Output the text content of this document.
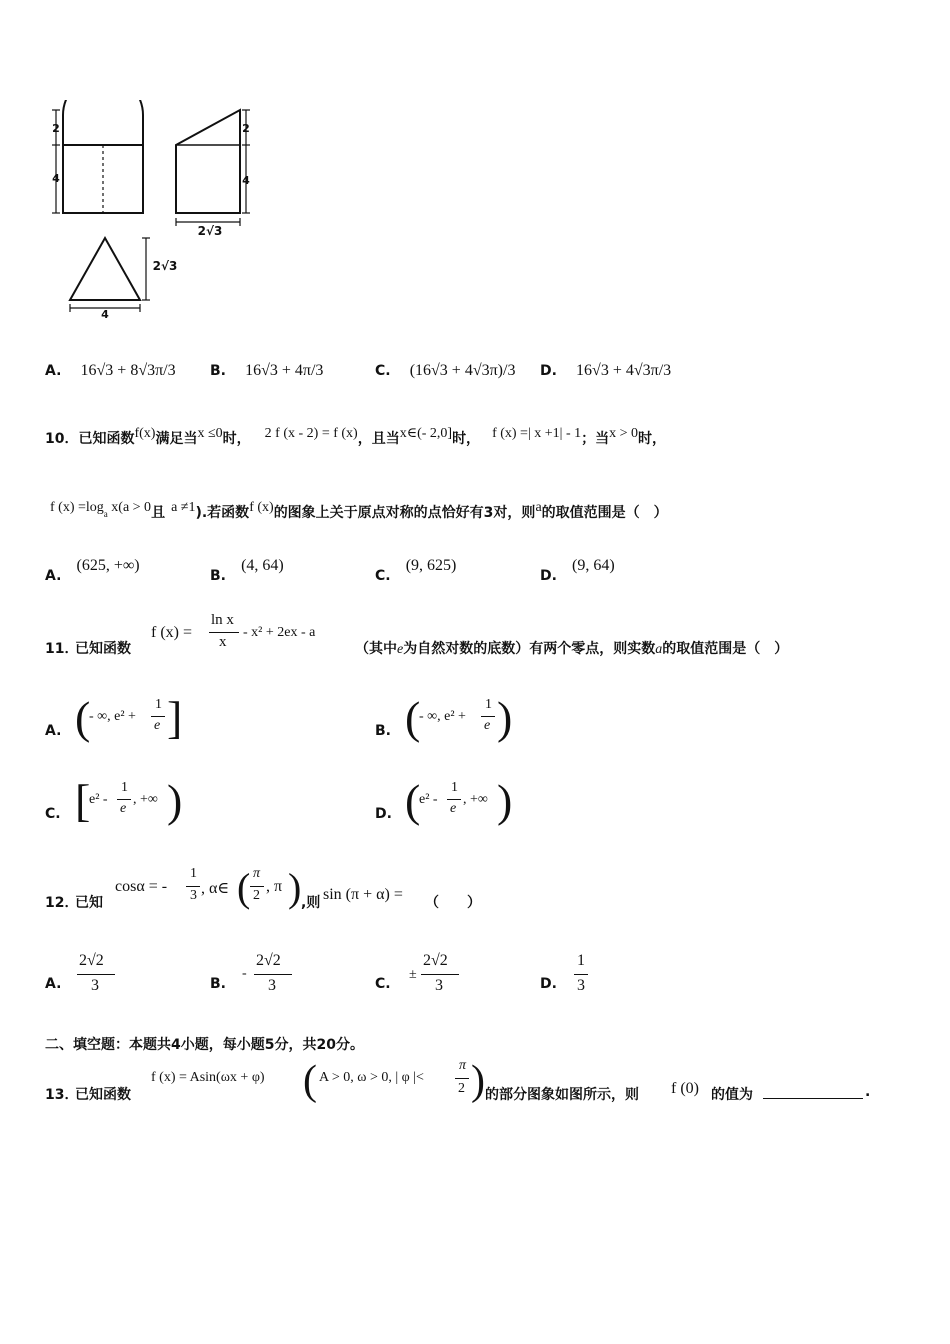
2
4
2
4
2√3
2√3
4
A. 16√3 + 8√3π/3 B. 16√3 + 4π/3	C. (16√3 + 4√3π)/3 D. 16√3 + 4√3π/3
10．已知函数f(x)满足当x ≤0时， 2 f (x - 2) = f (x)，且当x∈(- 2,0]时， f (x) =| x +1| - 1；当x > 0时，
f (x) =loga x(a > 0且 a ≠1).若函数f (x)的图象上关于原点对称的点恰好有3对，则a的取值范围是（　）
A. (625, +∞)
B. (4, 64)
C. (9, 625)
D. (9, 64)
11．
已知函数
f (x) =
ln x
x
- x² + 2ex - a
（其中e为自然对数的底数）有两个零点，则实数a的取值范围是（　）
A. (
- ∞, e² +
1
e ]	B. (
- ∞, e² +
1
e )
C. [
e² -
1
e
, +∞ )	D. (
e² -
1
e
, +∞ )
12．
已知
cosα = -
1
3 , α∈ ( π
2
, π ) ,则 sin (π + α) = （　　）
A.
2√2
3	B.
-
2√2
3	C.
±
2√2
3	D.
1
3
二、填空题：本题共4小题，每小题5分，共20分。
13．
已知函数
f (x) = Asin(ωx + φ) ( A > 0, ω > 0, | φ |<
π
2 ) 的部分图象如图所示，则 f (0) 的值为	.
